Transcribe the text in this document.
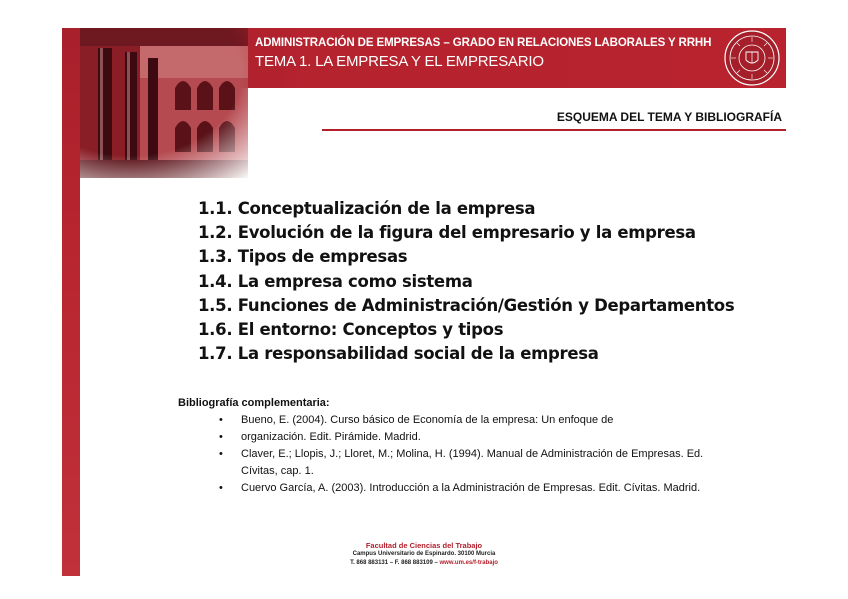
ADMINISTRACIÓN DE EMPRESAS – GRADO EN RELACIONES LABORALES Y RRHH
TEMA 1. LA EMPRESA Y EL EMPRESARIO
ESQUEMA DEL TEMA Y BIBLIOGRAFÍA
1.1. Conceptualización de la empresa
1.2. Evolución de la figura del empresario y la empresa
1.3. Tipos de empresas
1.4. La empresa como sistema
1.5. Funciones de Administración/Gestión y Departamentos
1.6. El entorno: Conceptos y tipos
1.7. La responsabilidad social de la empresa
Bibliografía complementaria:
• Bueno, E. (2004). Curso básico de Economía de la empresa: Un enfoque de
• organización. Edit. Pirámide. Madrid.
• Claver, E.; Llopis, J.; Lloret, M.; Molina, H. (1994). Manual de Administración de Empresas. Ed. Cívitas, cap. 1.
• Cuervo García, A. (2003). Introducción a la Administración de Empresas. Edit. Cívitas. Madrid.
Facultad de Ciencias del Trabajo
Campus Universitario de Espinardo. 30100 Murcia
T. 868 883131 – F. 868 883109 – www.um.es/f-trabajo
